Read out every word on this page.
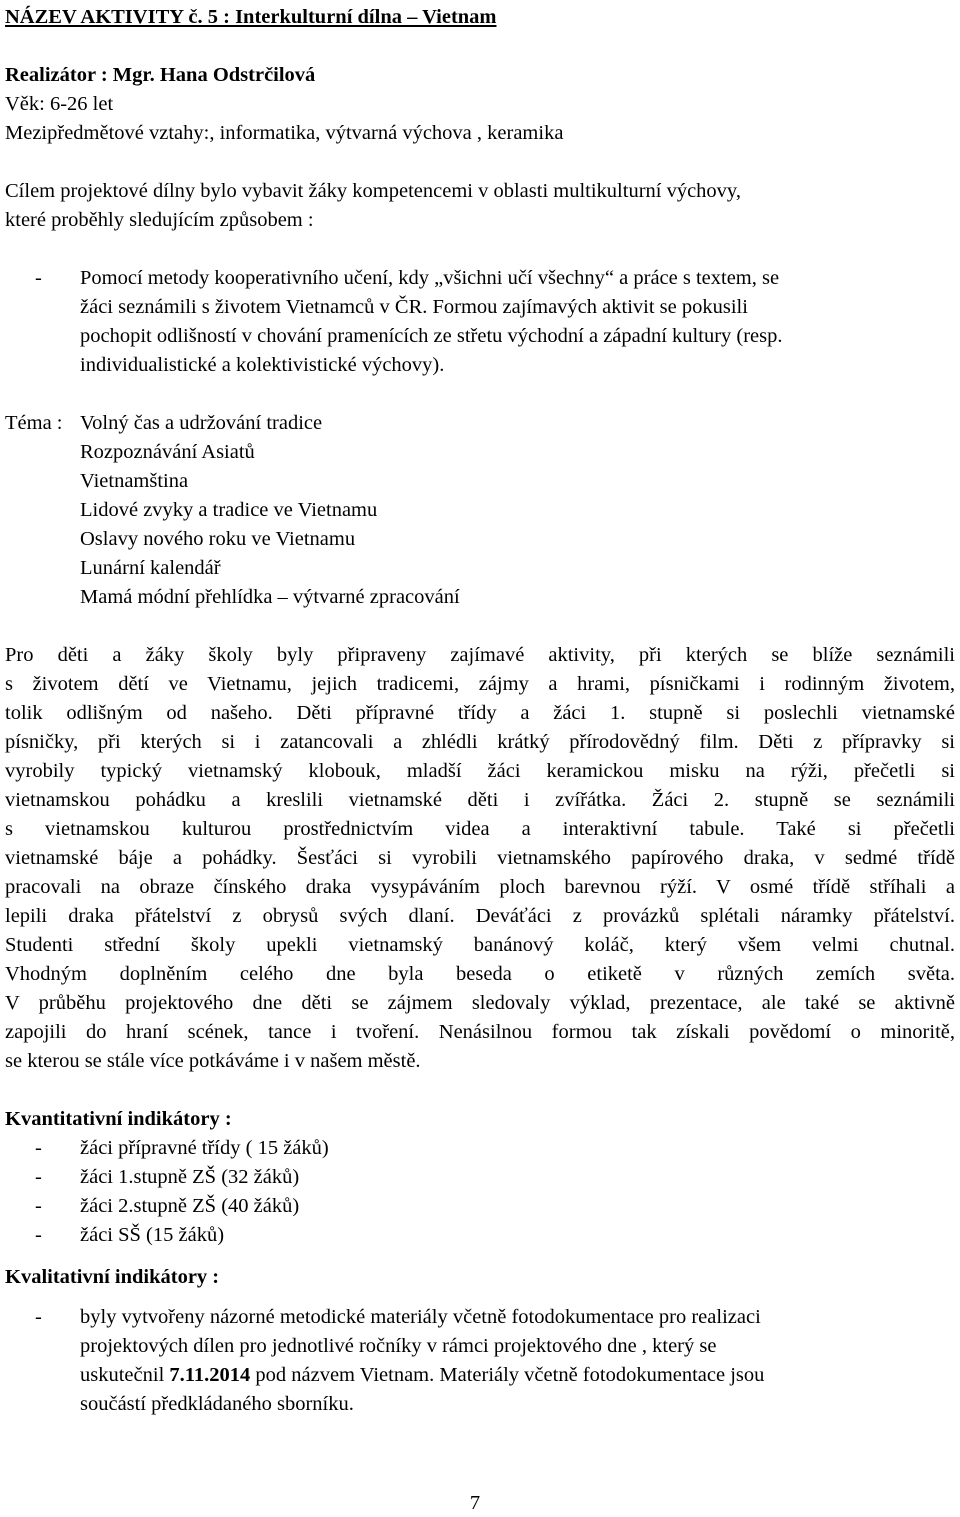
NÁZEV AKTIVITY č. 5 : Interkulturní dílna – Vietnam
Realizátor : Mgr. Hana Odstrčilová
Věk: 6-26 let
Mezipředmětové vztahy:, informatika, výtvarná výchova , keramika
Cílem projektové dílny bylo vybavit žáky kompetencemi v oblasti multikulturní výchovy,
které proběhly sledujícím způsobem :
- Pomocí metody kooperativního učení, kdy „všichni učí všechny“ a práce s textem, se
žáci seznámili s životem Vietnamců v ČR. Formou zajímavých aktivit se pokusili
pochopit odlišností v chování pramenících ze střetu východní a západní kultury (resp.
individualistické a kolektivistické výchovy).
Téma : Volný čas a udržování tradice
Rozpoznávání Asiatů
Vietnamština
Lidové zvyky a tradice ve Vietnamu
Oslavy nového roku ve Vietnamu
Lunární kalendář
Mamá módní přehlídka – výtvarné zpracování
Pro děti a žáky školy byly připraveny zajímavé aktivity, při kterých se blíže seznámili
s životem dětí ve Vietnamu, jejich tradicemi, zájmy a hrami, písničkami i rodinným životem,
tolik odlišným od našeho. Děti přípravné třídy a žáci 1. stupně si poslechli vietnamské
písničky, při kterých si i zatancovali a zhlédli krátký přírodovědný film. Děti z přípravky si
vyrobily typický vietnamský klobouk, mladší žáci keramickou misku na rýži, přečetli si
vietnamskou pohádku a kreslili vietnamské děti i zvířátka. Žáci 2. stupně se seznámili
s vietnamskou kulturou prostřednictvím videa a interaktivní tabule. Také si přečetli
vietnamské báje a pohádky. Šesťáci si vyrobili vietnamského papírového draka, v sedmé třídě
pracovali na obraze čínského draka vysypáváním ploch barevnou rýží. V osmé třídě stříhali a
lepili draka přátelství z obrysů svých dlaní. Deváťáci z provázků splétali náramky přátelství.
Studenti střední školy upekli vietnamský banánový koláč, který všem velmi chutnal.
Vhodným doplněním celého dne byla beseda o etiketě v různých zemích světa.
V průběhu projektového dne děti se zájmem sledovaly výklad, prezentace, ale také se aktivně
zapojili do hraní scének, tance i tvoření. Nenásilnou formou tak získali povědomí o minoritě,
se kterou se stále více potkáváme i v našem městě.
Kvantitativní indikátory :
- žáci přípravné třídy ( 15 žáků)
- žáci 1.stupně ZŠ (32 žáků)
- žáci 2.stupně ZŠ (40 žáků)
- žáci SŠ (15 žáků)
Kvalitativní indikátory :
- byly vytvořeny názorné metodické materiály včetně fotodokumentace pro realizaci
projektových dílen pro jednotlivé ročníky v rámci projektového dne , který se
uskutečnil 7.11.2014 pod názvem Vietnam. Materiály včetně fotodokumentace jsou
součástí předkládaného sborníku.
7
